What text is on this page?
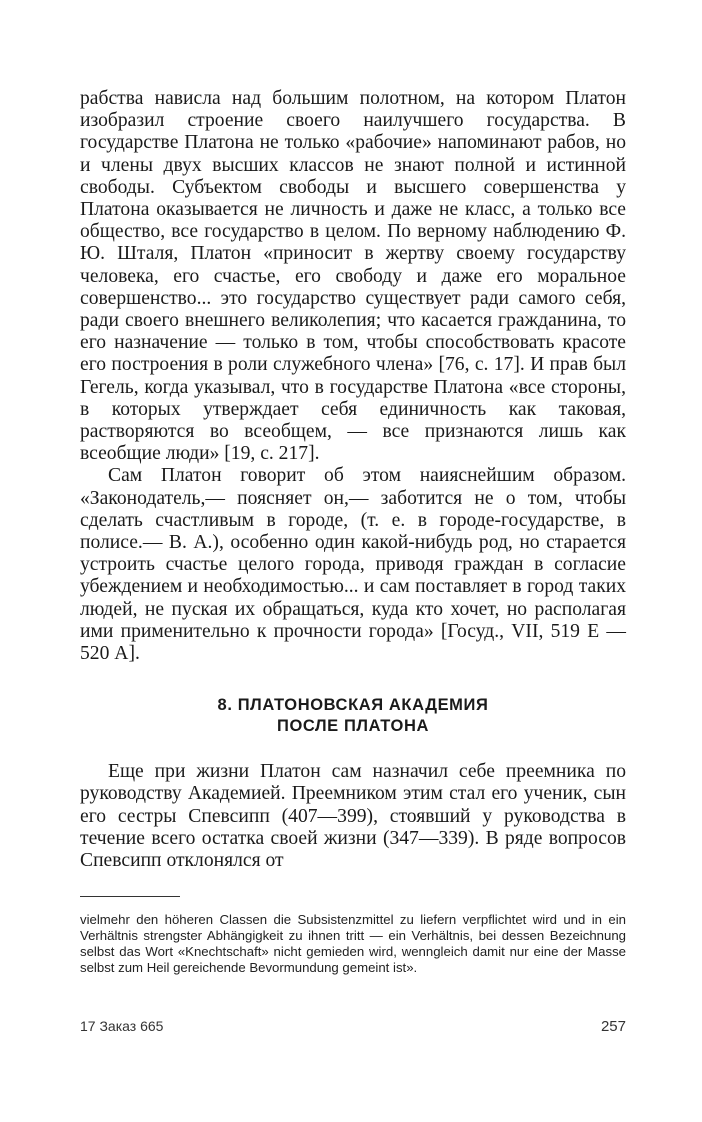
рабства нависла над большим полотном, на котором Платон изобразил строение своего наилучшего государства. В государстве Платона не только «рабочие» напоминают рабов, но и члены двух высших классов не знают полной и истинной свободы. Субъектом свободы и высшего совершенства у Платона оказывается не личность и даже не класс, а только все общество, все государство в целом. По верному наблюдению Ф. Ю. Шталя, Платон «приносит в жертву своему государству человека, его счастье, его свободу и даже его моральное совершенство... это государство существует ради самого себя, ради своего внешнего великолепия; что касается гражданина, то его назначение — только в том, чтобы способствовать красоте его построения в роли служебного члена» [76, с. 17]. И прав был Гегель, когда указывал, что в государстве Платона «все стороны, в которых утверждает себя единичность как таковая, растворяются во всеобщем, — все признаются лишь как всеобщие люди» [19, с. 217].

Сам Платон говорит об этом наияснейшим образом. «Законодатель,— поясняет он,— заботится не о том, чтобы сделать счастливым в городе, (т. е. в городе-государстве, в полисе.— В. А.), особенно один какой-нибудь род, но старается устроить счастье целого города, приводя граждан в согласие убеждением и необходимостью... и сам поставляет в город таких людей, не пуская их обращаться, куда кто хочет, но располагая ими применительно к прочности города» [Госуд., VII, 519 Е — 520 А].

8. ПЛАТОНОВСКАЯ АКАДЕМИЯ
ПОСЛЕ ПЛАТОНА

Еще при жизни Платон сам назначил себе преемника по руководству Академией. Преемником этим стал его ученик, сын его сестры Спевсипп (407—399), стоявший у руководства в течение всего остатка своей жизни (347—339). В ряде вопросов Спевсипп отклонялся от

vielmehr den höheren Classen die Subsistenzmittel zu liefern verpflichtet wird und in ein Verhältnis strengster Abhängigkeit zu ihnen tritt — ein Verhältnis, bei dessen Bezeichnung selbst das Wort «Knechtschaft» nicht gemieden wird, wenngleich damit nur eine der Masse selbst zum Heil gereichende Bevormundung gemeint ist».

17 Заказ 665	257
